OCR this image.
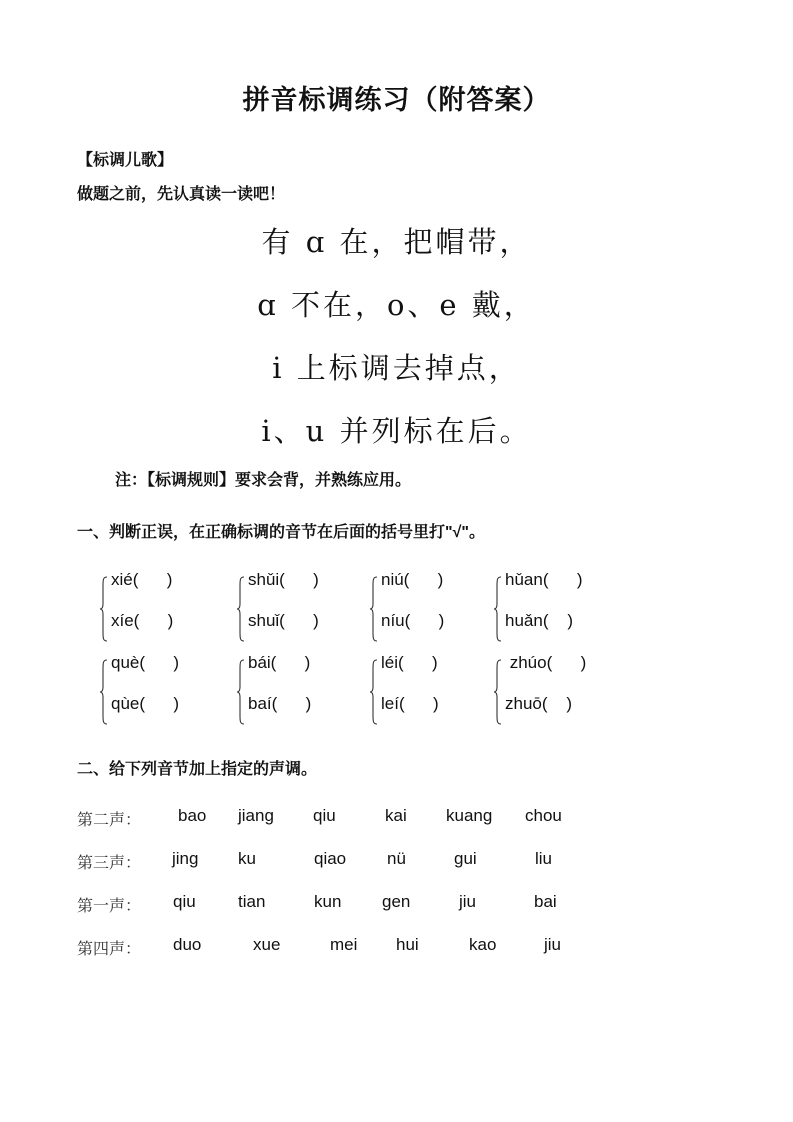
拼音标调练习（附答案）
【标调儿歌】
做题之前，先认真读一读吧！
有 ɑ 在，把帽带，
ɑ 不在，o、e 戴，
i 上标调去掉点，
i、u 并列标在后。
注：【标调规则】要求会背，并熟练应用。
一、判断正误，在正确标调的音节在后面的括号里打"√"。
xié(      )
xíe(      )
shǔi(      )
shuǐ(      )
niú(      )
níu(      )
hǔan(      )
huǎn(    )
què(      )
qùe(      )
bái(      )
baí(      )
léi(      )
leí(      )
zhúo(      )
zhuō(    )
二、给下列音节加上指定的声调。
第二声： bao jiang qiu	kai kuang chou
第三声： jing ku	qiao nü	gui	liu
第一声： qiu tian	kun gen	jiu	bai
第四声： duo	xue	mei hui	kao	jiu
